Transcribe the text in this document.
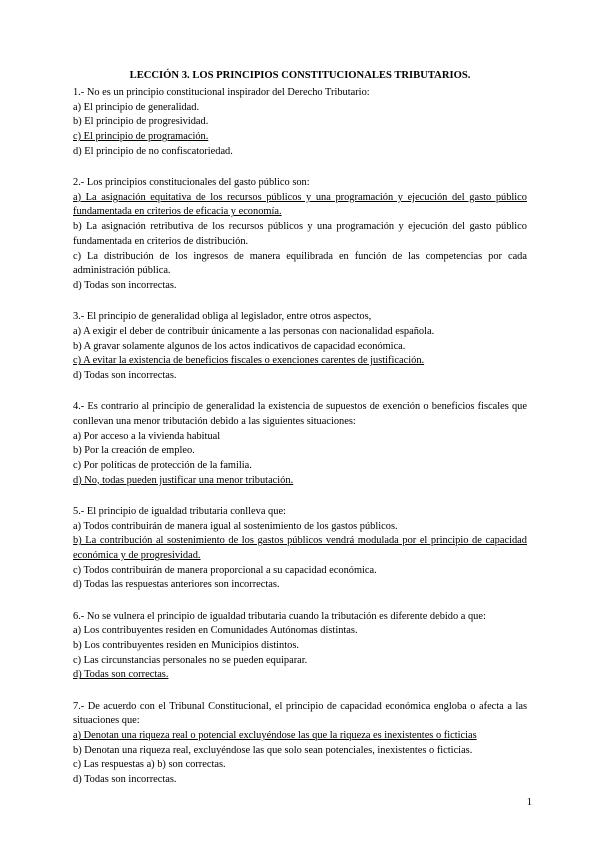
LECCIÓN 3. LOS PRINCIPIOS CONSTITUCIONALES TRIBUTARIOS.

1.- No es un principio constitucional inspirador del Derecho Tributario:

a) El principio de generalidad.

b) El principio de progresividad.

c) El principio de programación.

d) El principio de no confiscatoriedad.

2.- Los principios constitucionales del gasto público son:

a) La asignación equitativa de los recursos públicos y una programación y ejecución del gasto público fundamentada en criterios de eficacia y economía.

b) La asignación retributiva de los recursos públicos y una programación y ejecución del gasto público fundamentada en criterios de distribución.

c) La distribución de los ingresos de manera equilibrada en función de las competencias por cada administración pública.

d) Todas son incorrectas.

3.- El principio de generalidad obliga al legislador, entre otros aspectos,

a) A exigir el deber de contribuir únicamente a las personas con nacionalidad española.

b) A gravar solamente algunos de los actos indicativos de capacidad económica.

c) A evitar la existencia de beneficios fiscales o exenciones carentes de justificación.

d) Todas son incorrectas.

4.- Es contrario al principio de generalidad la existencia de supuestos de exención o beneficios fiscales que conllevan una menor tributación debido a las siguientes situaciones:

a) Por acceso a la vivienda habitual

b) Por la creación de empleo.

c) Por políticas de protección de la familia.

d) No, todas pueden justificar una menor tributación.

5.- El principio de igualdad tributaria conlleva que:

a) Todos contribuirán de manera igual al sostenimiento de los gastos públicos.

b) La contribución al sostenimiento de los gastos públicos vendrá modulada por el principio de capacidad económica y de progresividad.

c) Todos contribuirán de manera proporcional a su capacidad económica.

d) Todas las respuestas anteriores son incorrectas.

6.- No se vulnera el principio de igualdad tributaria cuando la tributación es diferente debido a que:

a) Los contribuyentes residen en Comunidades Autónomas distintas.

b) Los contribuyentes residen en Municipios distintos.

c) Las circunstancias personales no se pueden equiparar.

d) Todas son correctas.

7.- De acuerdo con el Tribunal Constitucional, el principio de capacidad económica engloba o afecta a las situaciones que:

a) Denotan una riqueza real o potencial excluyéndose las que la riqueza es inexistentes o ficticias

b) Denotan una riqueza real, excluyéndose las que solo sean potenciales, inexistentes o ficticias.

c) Las respuestas a) b) son correctas.

d) Todas son incorrectas.

1
